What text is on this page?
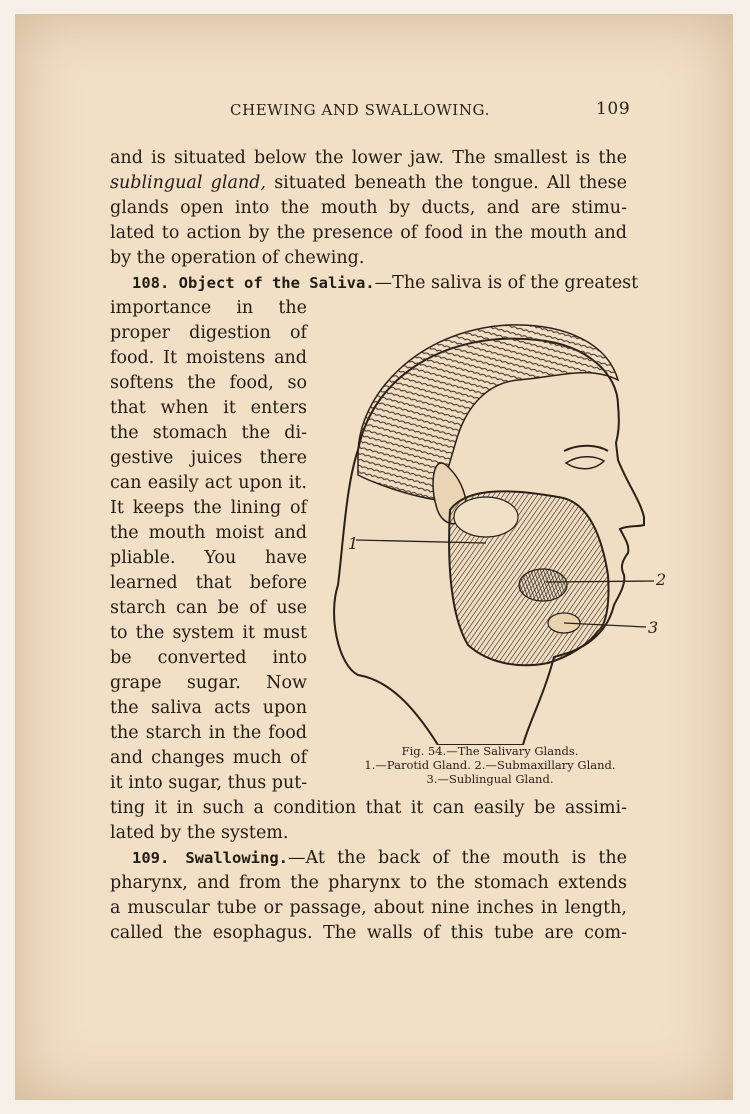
CHEWING AND SWALLOWING.	109
and is situated below the lower jaw. The smallest is the
sublingual gland, situated beneath the tongue. All these
glands open into the mouth by ducts, and are stimu-
lated to action by the presence of food in the mouth and
by the operation of chewing.
108. Object of the Saliva.—The saliva is of the greatest
importance in the
proper digestion of
food. It moistens and
softens the food, so
that when it enters
the stomach the di-
gestive juices there
can easily act upon it.
It keeps the lining of
the mouth moist and
pliable. You have
learned that before
starch can be of use
to the system it must
be converted into
grape sugar. Now
the saliva acts upon
the starch in the food
and changes much of
it into sugar, thus put-
1
2
3
Fig. 54.—The Salivary Glands.
1.—Parotid Gland. 2.—Submaxillary Gland.
3.—Sublingual Gland.
ting it in such a condition that it can easily be assimi-
lated by the system.
109. Swallowing.—At the back of the mouth is the
pharynx, and from the pharynx to the stomach extends
a muscular tube or passage, about nine inches in length,
called the esophagus. The walls of this tube are com-
